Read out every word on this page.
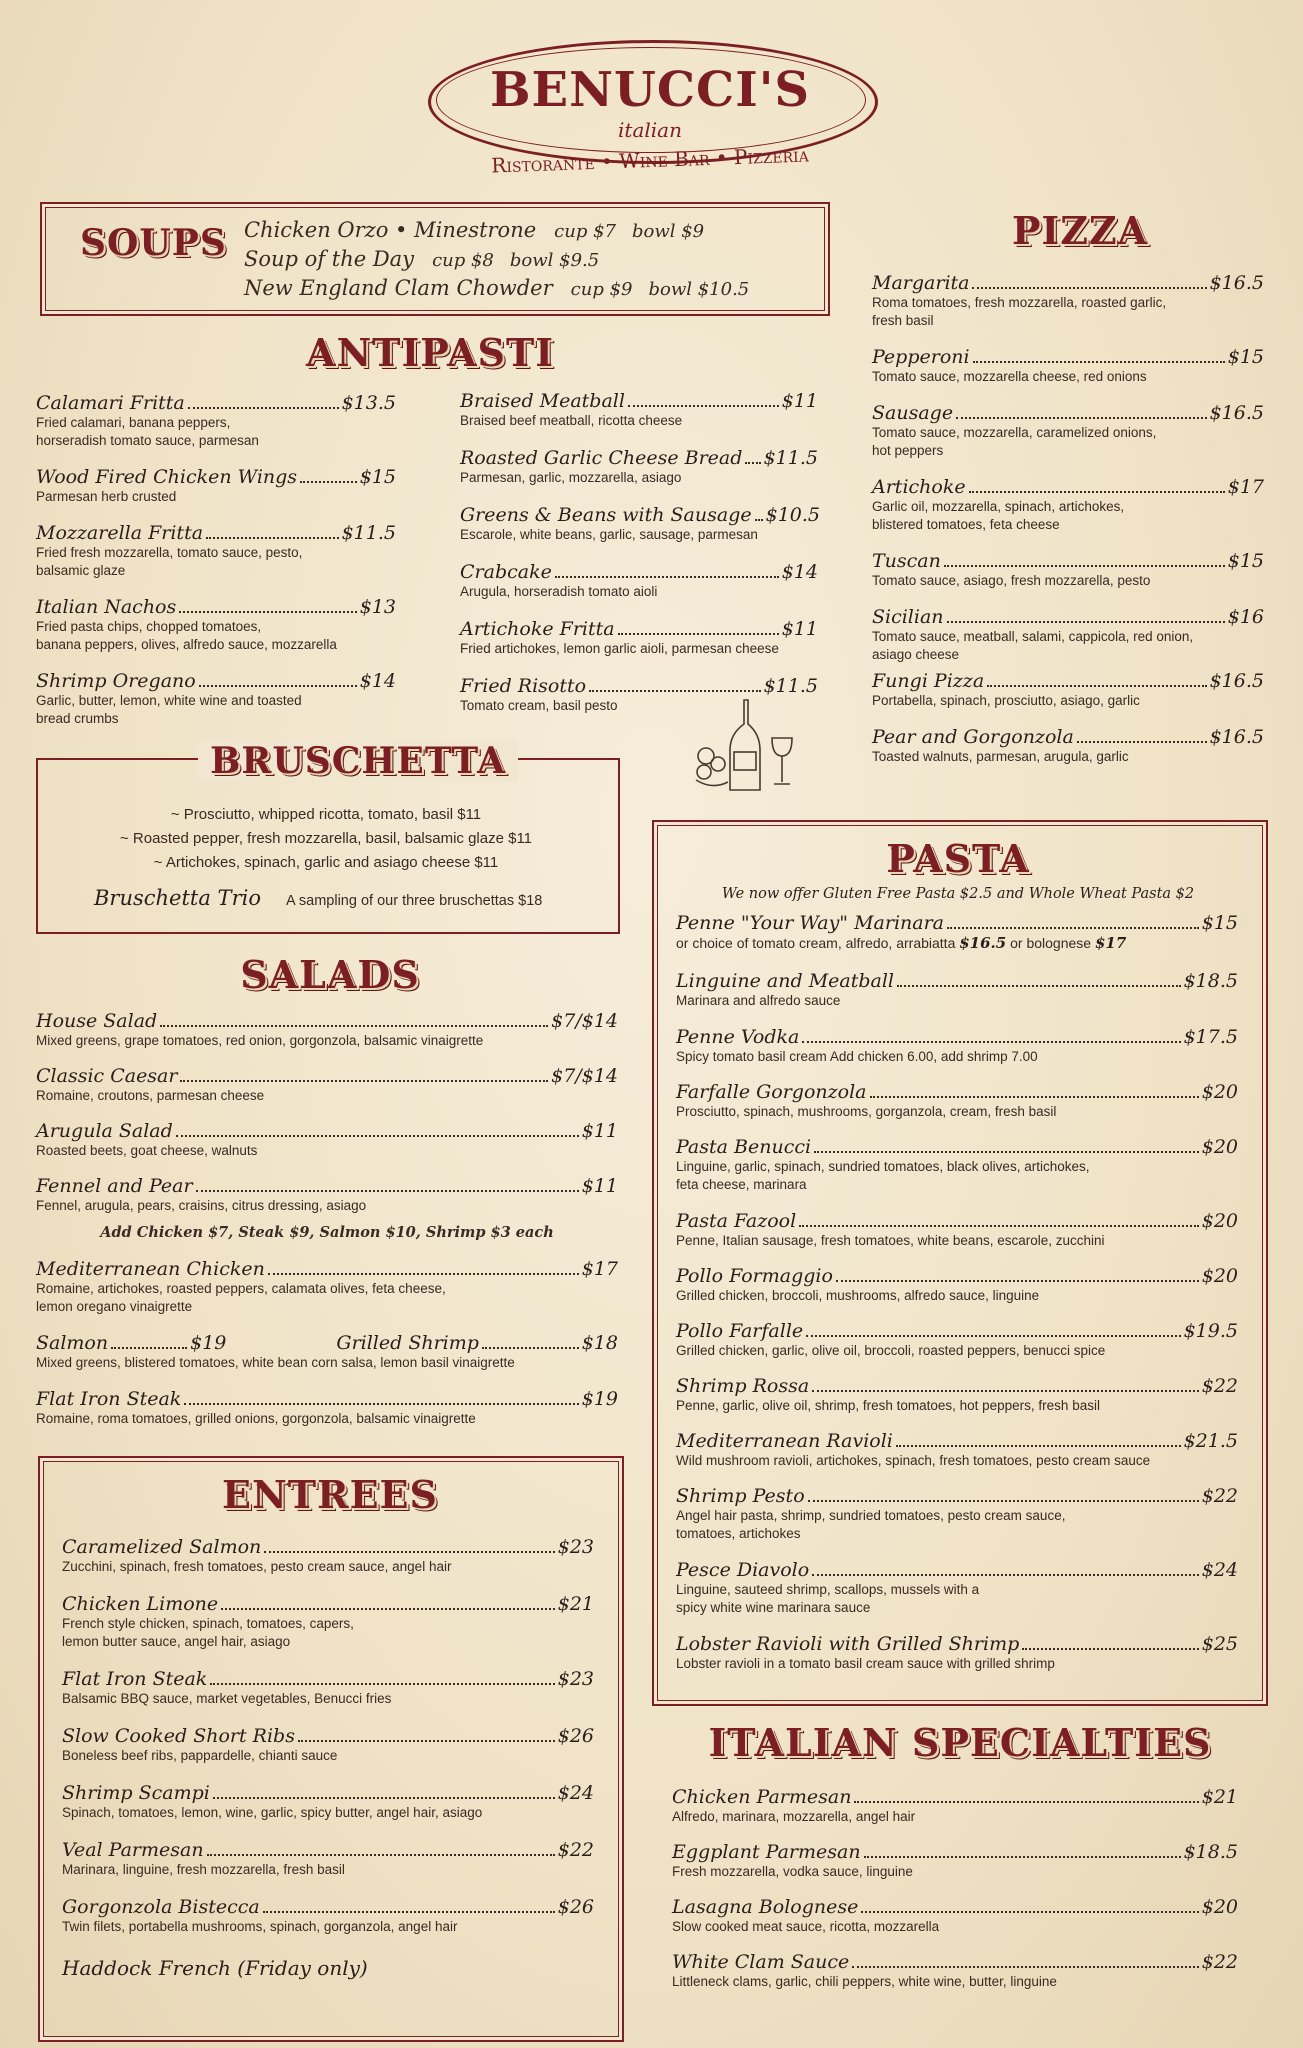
BENUCCI'S
italian
Ristorante • Wine Bar • Pizzeria
SOUPS Chicken Orzo • Minestrone cup $7 bowl $9
Soup of the Day cup $8 bowl $9.5
New England Clam Chowder cup $9 bowl $10.5
ANTIPASTI
Calamari Fritta	$13.5
Fried calamari, banana peppers,
horseradish tomato sauce, parmesan
Wood Fired Chicken Wings	$15
Parmesan herb crusted
Mozzarella Fritta	$11.5
Fried fresh mozzarella, tomato sauce, pesto,
balsamic glaze
Italian Nachos	$13
Fried pasta chips, chopped tomatoes,
banana peppers, olives, alfredo sauce, mozzarella
Shrimp Oregano	$14
Garlic, butter, lemon, white wine and toasted
bread crumbs
Braised Meatball	$11
Braised beef meatball, ricotta cheese
Roasted Garlic Cheese Bread $11.5
Parmesan, garlic, mozzarella, asiago
Greens & Beans with Sausage $10.5
Escarole, white beans, garlic, sausage, parmesan
Crabcake	$14
Arugula, horseradish tomato aioli
Artichoke Fritta	$11
Fried artichokes, lemon garlic aioli, parmesan cheese
Fried Risotto	$11.5
Tomato cream, basil pesto
BRUSCHETTA
~ Prosciutto, whipped ricotta, tomato, basil $11
~ Roasted pepper, fresh mozzarella, basil, balsamic glaze $11
~ Artichokes, spinach, garlic and asiago cheese $11
Bruschetta Trio A sampling of our three bruschettas $18
SALADS
House Salad	$7/$14
Mixed greens, grape tomatoes, red onion, gorgonzola, balsamic vinaigrette
Classic Caesar	$7/$14
Romaine, croutons, parmesan cheese
Arugula Salad	$11
Roasted beets, goat cheese, walnuts
Fennel and Pear	$11
Fennel, arugula, pears, craisins, citrus dressing, asiago
Add Chicken $7, Steak $9, Salmon $10, Shrimp $3 each
Mediterranean Chicken	$17
Romaine, artichokes, roasted peppers, calamata olives, feta cheese,
lemon oregano vinaigrette
Salmon	$19	Grilled Shrimp	$18
Mixed greens, blistered tomatoes, white bean corn salsa, lemon basil vinaigrette
Flat Iron Steak	$19
Romaine, roma tomatoes, grilled onions, gorgonzola, balsamic vinaigrette
ENTREES
Caramelized Salmon	$23
Zucchini, spinach, fresh tomatoes, pesto cream sauce, angel hair
Chicken Limone	$21
French style chicken, spinach, tomatoes, capers,
lemon butter sauce, angel hair, asiago
Flat Iron Steak	$23
Balsamic BBQ sauce, market vegetables, Benucci fries
Slow Cooked Short Ribs	$26
Boneless beef ribs, pappardelle, chianti sauce
Shrimp Scampi	$24
Spinach, tomatoes, lemon, wine, garlic, spicy butter, angel hair, asiago
Veal Parmesan	$22
Marinara, linguine, fresh mozzarella, fresh basil
Gorgonzola Bistecca	$26
Twin filets, portabella mushrooms, spinach, gorganzola, angel hair
Haddock French (Friday only)
PIZZA
Margarita	$16.5
Roma tomatoes, fresh mozzarella, roasted garlic,
fresh basil
Pepperoni	$15
Tomato sauce, mozzarella cheese, red onions
Sausage	$16.5
Tomato sauce, mozzarella, caramelized onions,
hot peppers
Artichoke	$17
Garlic oil, mozzarella, spinach, artichokes,
blistered tomatoes, feta cheese
Tuscan	$15
Tomato sauce, asiago, fresh mozzarella, pesto
Sicilian	$16
Tomato sauce, meatball, salami, cappicola, red onion,
asiago cheese
Fungi Pizza	$16.5
Portabella, spinach, prosciutto, asiago, garlic
Pear and Gorgonzola	$16.5
Toasted walnuts, parmesan, arugula, garlic
PASTA
We now offer Gluten Free Pasta $2.5 and Whole Wheat Pasta $2
Penne "Your Way" Marinara	$15
or choice of tomato cream, alfredo, arrabiatta $16.5 or bolognese $17
Linguine and Meatball	$18.5
Marinara and alfredo sauce
Penne Vodka	$17.5
Spicy tomato basil cream Add chicken 6.00, add shrimp 7.00
Farfalle Gorgonzola	$20
Prosciutto, spinach, mushrooms, gorganzola, cream, fresh basil
Pasta Benucci	$20
Linguine, garlic, spinach, sundried tomatoes, black olives, artichokes,
feta cheese, marinara
Pasta Fazool	$20
Penne, Italian sausage, fresh tomatoes, white beans, escarole, zucchini
Pollo Formaggio	$20
Grilled chicken, broccoli, mushrooms, alfredo sauce, linguine
Pollo Farfalle	$19.5
Grilled chicken, garlic, olive oil, broccoli, roasted peppers, benucci spice
Shrimp Rossa	$22
Penne, garlic, olive oil, shrimp, fresh tomatoes, hot peppers, fresh basil
Mediterranean Ravioli	$21.5
Wild mushroom ravioli, artichokes, spinach, fresh tomatoes, pesto cream sauce
Shrimp Pesto	$22
Angel hair pasta, shrimp, sundried tomatoes, pesto cream sauce,
tomatoes, artichokes
Pesce Diavolo	$24
Linguine, sauteed shrimp, scallops, mussels with a
spicy white wine marinara sauce
Lobster Ravioli with Grilled Shrimp	$25
Lobster ravioli in a tomato basil cream sauce with grilled shrimp
ITALIAN SPECIALTIES
Chicken Parmesan	$21
Alfredo, marinara, mozzarella, angel hair
Eggplant Parmesan	$18.5
Fresh mozzarella, vodka sauce, linguine
Lasagna Bolognese	$20
Slow cooked meat sauce, ricotta, mozzarella
White Clam Sauce	$22
Littleneck clams, garlic, chili peppers, white wine, butter, linguine
